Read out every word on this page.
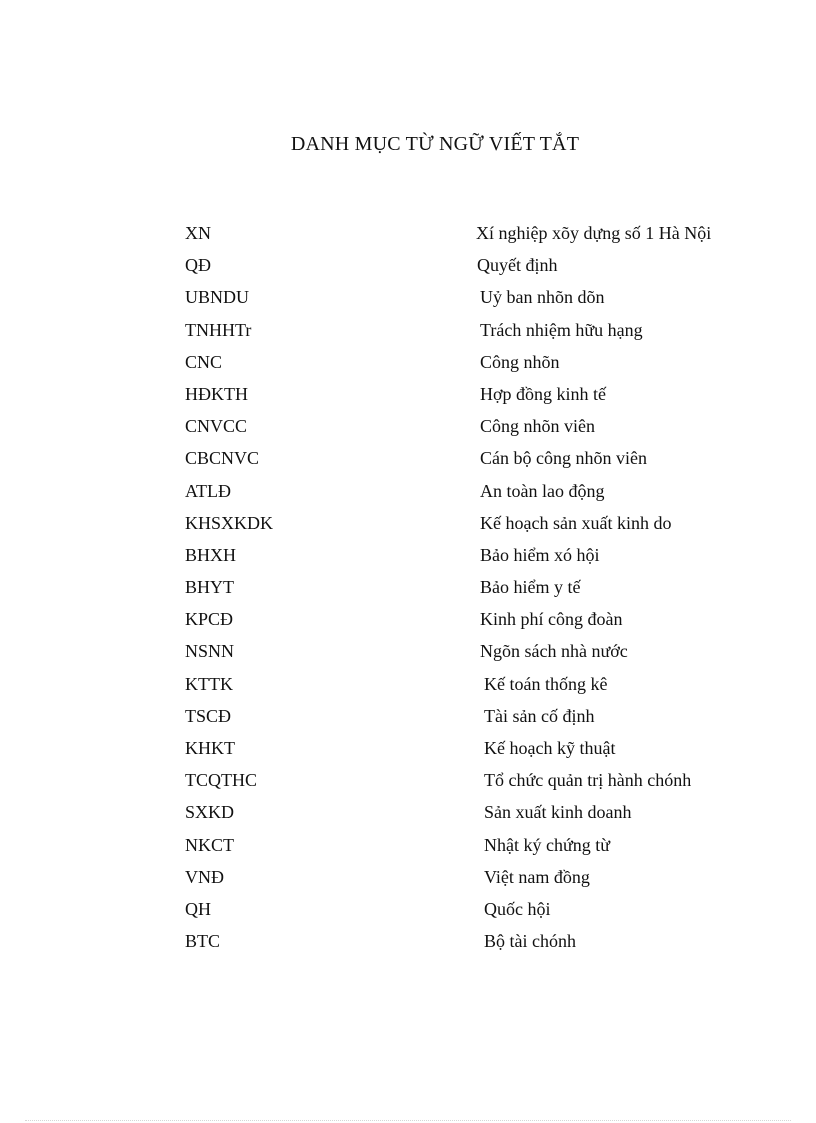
DANH MỤC TỪ NGỮ VIẾT TẮT
XN	Xí nghiệp xõy dựng số 1 Hà Nội
QĐ	Quyết định
UBNDU	Uỷ ban nhõn dõn
TNHHTr	Trách nhiệm hữu hạng
CNC	Công nhõn
HĐKTH	Hợp đồng kinh tế
CNVCC	Công nhõn viên
CBCNVC	Cán bộ công nhõn viên
ATLĐ	An toàn lao động
KHSXKDK	Kế hoạch sản xuất kinh do
BHXH	Bảo hiểm xó hội
BHYT	Bảo hiểm y tế
KPCĐ	Kinh phí công đoàn
NSNN	Ngõn sách nhà nước
KTTK	Kế toán thống kê
TSCĐ	Tài sản cố định
KHKT	Kế hoạch kỹ thuật
TCQTHC	Tổ chức quản trị hành chónh
SXKD	Sản xuất kinh doanh
NKCT	Nhật ký chứng từ
VNĐ	Việt nam đồng
QH	Quốc hội
BTC	Bộ tài chónh
